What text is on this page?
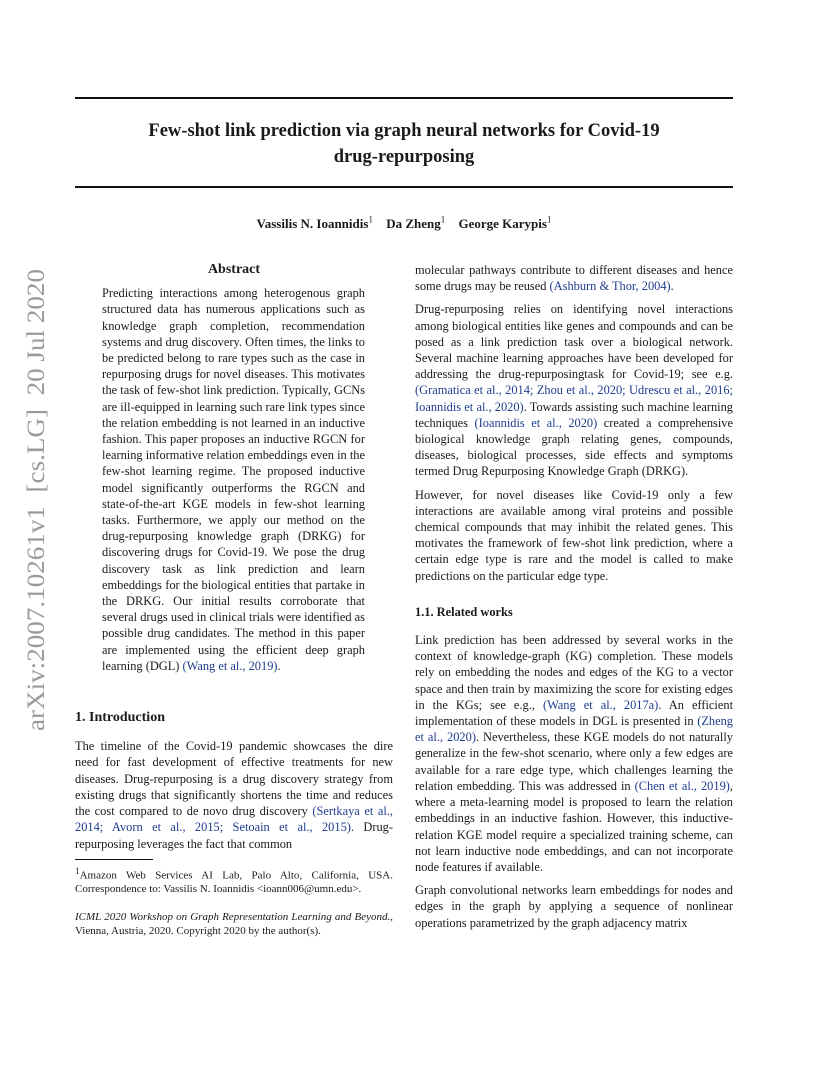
Few-shot link prediction via graph neural networks for Covid-19
drug-repurposing
Vassilis N. Ioannidis$^1$ Da Zheng$^1$ George Karypis$^1$
arXiv:2007.10261v1  [cs.LG]  20 Jul 2020
Abstract
Predicting interactions among heterogenous graph structured data has numerous applications such as knowledge graph completion, recommendation systems and drug discovery. Often times, the links to be predicted belong to rare types such as the case in repurposing drugs for novel diseases. This motivates the task of few-shot link prediction. Typically, GCNs are ill-equipped in learning such rare link types since the relation embedding is not learned in an inductive fashion. This paper proposes an inductive RGCN for learning informative relation embeddings even in the few-shot learning regime. The proposed inductive model significantly outperforms the RGCN and state-of-the-art KGE models in few-shot learning tasks. Furthermore, we apply our method on the drug-repurposing knowledge graph (DRKG) for discovering drugs for Covid-19. We pose the drug discovery task as link prediction and learn embeddings for the biological entities that partake in the DRKG. Our initial results corroborate that several drugs used in clinical trials were identified as possible drug candidates. The method in this paper are implemented using the efficient deep graph learning (DGL) (Wang et al., 2019).
1. Introduction

The timeline of the Covid-19 pandemic showcases the dire need for fast development of effective treatments for new diseases. Drug-repurposing is a drug discovery strategy from existing drugs that significantly shortens the time and reduces the cost compared to de novo drug discovery (Sertkaya et al., 2014; Avorn et al., 2015; Setoain et al., 2015). Drug-repurposing leverages the fact that common

$^1$Amazon Web Services AI Lab, Palo Alto, California, USA. Correspondence to: Vassilis N. Ioannidis <ioann006@umn.edu>.
ICML 2020 Workshop on Graph Representation Learning and Beyond., Vienna, Austria, 2020. Copyright 2020 by the author(s).

molecular pathways contribute to different diseases and hence some drugs may be reused (Ashburn & Thor, 2004).

Drug-repurposing relies on identifying novel interactions among biological entities like genes and compounds and can be posed as a link prediction task over a biological network. Several machine learning approaches have been developed for addressing the drug-repurposingtask for Covid-19; see e.g. (Gramatica et al., 2014; Zhou et al., 2020; Udrescu et al., 2016; Ioannidis et al., 2020). Towards assisting such machine learning techniques (Ioannidis et al., 2020) created a comprehensive biological knowledge graph relating genes, compounds, diseases, biological processes, side effects and symptoms termed Drug Repurposing Knowledge Graph (DRKG).

However, for novel diseases like Covid-19 only a few interactions are available among viral proteins and possible chemical compounds that may inhibit the related genes. This motivates the framework of few-shot link prediction, where a certain edge type is rare and the model is called to make predictions on the particular edge type.

1.1. Related works

Link prediction has been addressed by several works in the context of knowledge-graph (KG) completion. These models rely on embedding the nodes and edges of the KG to a vector space and then train by maximizing the score for existing edges in the KGs; see e.g., (Wang et al., 2017a). An efficient implementation of these models in DGL is presented in (Zheng et al., 2020). Nevertheless, these KGE models do not naturally generalize in the few-shot scenario, where only a few edges are available for a rare edge type, which challenges learning the relation embedding. This was addressed in (Chen et al., 2019), where a meta-learning model is proposed to learn the relation embeddings in an inductive fashion. However, this inductive-relation KGE model require a specialized training scheme, can not learn inductive node embeddings, and can not incorporate node features if available.

Graph convolutional networks learn embeddings for nodes and edges in the graph by applying a sequence of nonlinear operations parametrized by the graph adjacency matrix
